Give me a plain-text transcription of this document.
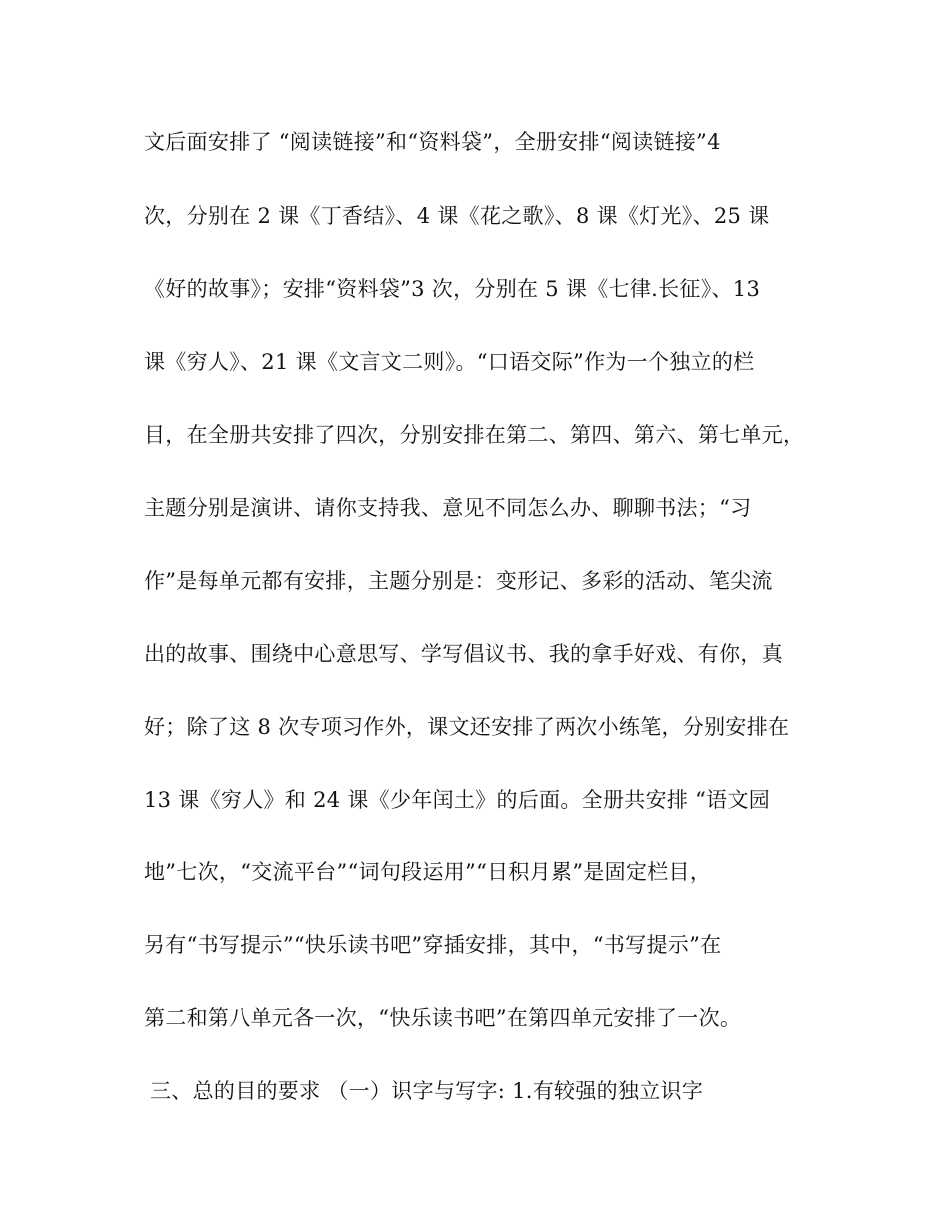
文后面安排了 “阅读链接”和“资料袋”，全册安排“阅读链接”4
次，分别在 2 课《丁香结》、4 课《花之歌》、8 课《灯光》、25 课
《好的故事》；安排“资料袋”3 次，分别在 5 课《七律.长征》、13
课《穷人》、21 课《文言文二则》。“口语交际”作为一个独立的栏
目，在全册共安排了四次，分别安排在第二、第四、第六、第七单元，
主题分别是演讲、请你支持我、意见不同怎么办、聊聊书法；“习
作”是每单元都有安排，主题分别是：变形记、多彩的活动、笔尖流
出的故事、围绕中心意思写、学写倡议书、我的拿手好戏、有你，真
好；除了这 8 次专项习作外，课文还安排了两次小练笔，分别安排在
13 课《穷人》和 24 课《少年闰土》的后面。全册共安排 “语文园
地”七次，“交流平台”“词句段运用”“日积月累”是固定栏目，
另有“书写提示”“快乐读书吧”穿插安排，其中，“书写提示”在
第二和第八单元各一次，“快乐读书吧”在第四单元安排了一次。
三、总的目的要求 （一）识字与写字: 1.有较强的独立识字
